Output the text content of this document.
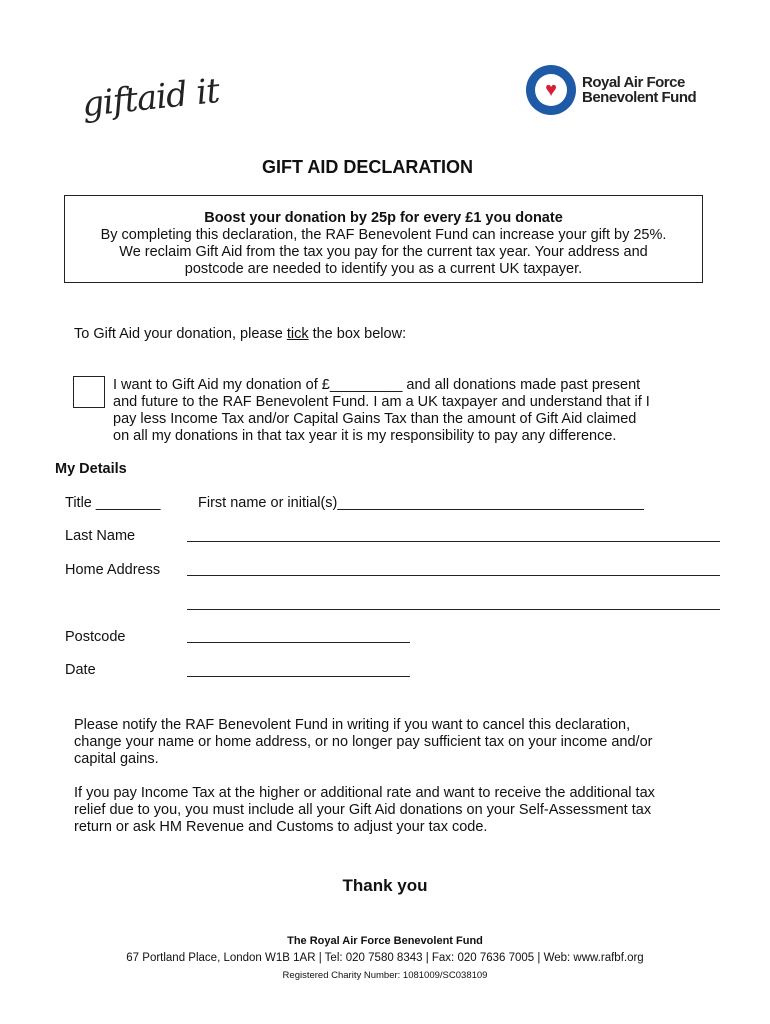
giftaid it	♥	Royal Air Force
Benevolent Fund
GIFT AID DECLARATION
Boost your donation by 25p for every £1 you donate
By completing this declaration, the RAF Benevolent Fund can increase your gift by 25%.
We reclaim Gift Aid from the tax you pay for the current tax year. Your address and
postcode are needed to identify you as a current UK taxpayer.
To Gift Aid your donation, please tick the box below:
I want to Gift Aid my donation of £_________ and all donations made past present
and future to the RAF Benevolent Fund. I am a UK taxpayer and understand that if I
pay less Income Tax and/or Capital Gains Tax than the amount of Gift Aid claimed
on all my donations in that tax year it is my responsibility to pay any difference.
My Details
Title ________	First name or initial(s)______________________________________
Last Name
Home Address
Postcode
Date
Please notify the RAF Benevolent Fund in writing if you want to cancel this declaration,
change your name or home address, or no longer pay sufficient tax on your income and/or
capital gains.
If you pay Income Tax at the higher or additional rate and want to receive the additional tax
relief due to you, you must include all your Gift Aid donations on your Self-Assessment tax
return or ask HM Revenue and Customs to adjust your tax code.
Thank you
The Royal Air Force Benevolent Fund
67 Portland Place, London W1B 1AR | Tel: 020 7580 8343 | Fax: 020 7636 7005 | Web: www.rafbf.org
Registered Charity Number: 1081009/SC038109
